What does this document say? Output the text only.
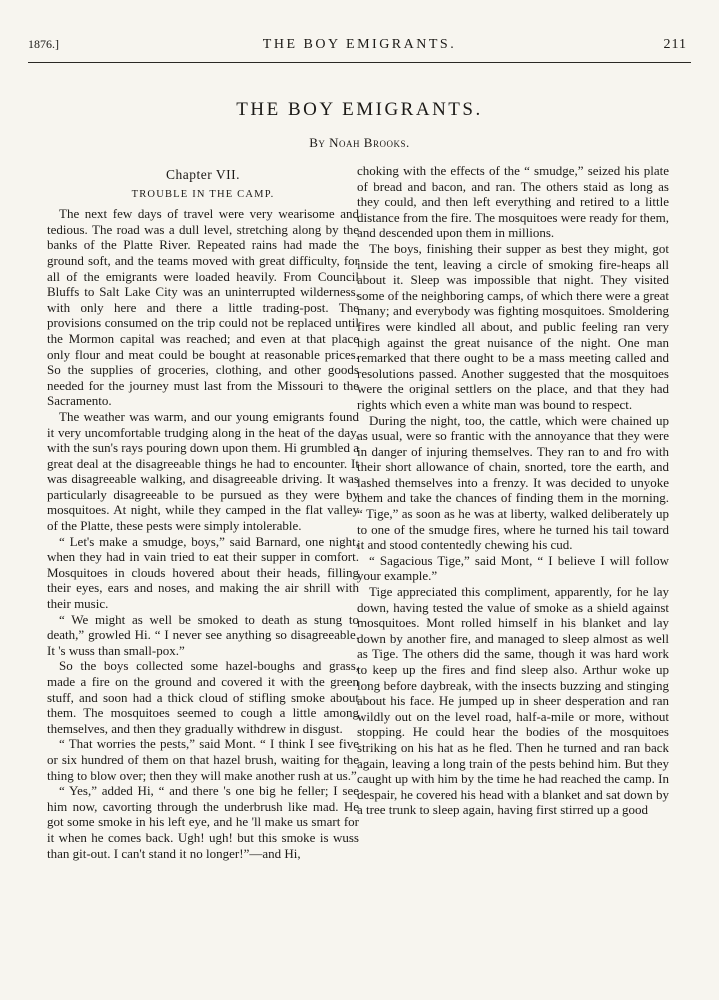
1876.]	THE BOY EMIGRANTS.	211
THE BOY EMIGRANTS.
By Noah Brooks.
Chapter VII.
TROUBLE IN THE CAMP.

The next few days of travel were very wearisome and tedious. The road was a dull level, stretching along by the banks of the Platte River. Repeated rains had made the ground soft, and the teams moved with great difficulty, for all of the emigrants were loaded heavily. From Council Bluffs to Salt Lake City was an uninterrupted wilderness, with only here and there a little trading-post. The provisions consumed on the trip could not be replaced until the Mormon capital was reached; and even at that place only flour and meat could be bought at reasonable prices. So the supplies of groceries, clothing, and other goods needed for the journey must last from the Missouri to the Sacramento.

The weather was warm, and our young emigrants found it very uncomfortable trudging along in the heat of the day, with the sun's rays pouring down upon them. Hi grumbled a great deal at the disagreeable things he had to encounter. It was disagreeable walking, and disagreeable driving. It was particularly disagreeable to be pursued as they were by mosquitoes. At night, while they camped in the flat valley of the Platte, these pests were simply intolerable.

“ Let's make a smudge, boys,” said Barnard, one night, when they had in vain tried to eat their supper in comfort. Mosquitoes in clouds hovered about their heads, filling their eyes, ears and noses, and making the air shrill with their music.

“ We might as well be smoked to death as stung to death,” growled Hi. “ I never see anything so disagreeable. It 's wuss than small-pox.”

So the boys collected some hazel-boughs and grass, made a fire on the ground and covered it with the green stuff, and soon had a thick cloud of stifling smoke about them. The mosquitoes seemed to cough a little among themselves, and then they gradually withdrew in disgust.

“ That worries the pests,” said Mont. “ I think I see five or six hundred of them on that hazel brush, waiting for the thing to blow over; then they will make another rush at us.”

“ Yes,” added Hi, “ and there 's one big he feller; I see him now, cavorting through the underbrush like mad. He got some smoke in his left eye, and he 'll make us smart for it when he comes back. Ugh! ugh! but this smoke is wuss than git-out. I can't stand it no longer!”—and Hi,

choking with the effects of the “ smudge,” seized his plate of bread and bacon, and ran. The others staid as long as they could, and then left everything and retired to a little distance from the fire. The mosquitoes were ready for them, and descended upon them in millions.

The boys, finishing their supper as best they might, got inside the tent, leaving a circle of smoking fire-heaps all about it. Sleep was impossible that night. They visited some of the neighboring camps, of which there were a great many; and everybody was fighting mosquitoes. Smoldering fires were kindled all about, and public feeling ran very high against the great nuisance of the night. One man remarked that there ought to be a mass meeting called and resolutions passed. Another suggested that the mosquitoes were the original settlers on the place, and that they had rights which even a white man was bound to respect.

During the night, too, the cattle, which were chained up as usual, were so frantic with the annoyance that they were in danger of injuring themselves. They ran to and fro with their short allowance of chain, snorted, tore the earth, and lashed themselves into a frenzy. It was decided to unyoke them and take the chances of finding them in the morning. “ Tige,” as soon as he was at liberty, walked deliberately up to one of the smudge fires, where he turned his tail toward it and stood contentedly chewing his cud.

“ Sagacious Tige,” said Mont, “ I believe I will follow your example.”

Tige appreciated this compliment, apparently, for he lay down, having tested the value of smoke as a shield against mosquitoes. Mont rolled himself in his blanket and lay down by another fire, and managed to sleep almost as well as Tige. The others did the same, though it was hard work to keep up the fires and find sleep also. Arthur woke up long before daybreak, with the insects buzzing and stinging about his face. He jumped up in sheer desperation and ran wildly out on the level road, half-a-mile or more, without stopping. He could hear the bodies of the mosquitoes striking on his hat as he fled. Then he turned and ran back again, leaving a long train of the pests behind him. But they caught up with him by the time he had reached the camp. In despair, he covered his head with a blanket and sat down by a tree trunk to sleep again, having first stirred up a good
